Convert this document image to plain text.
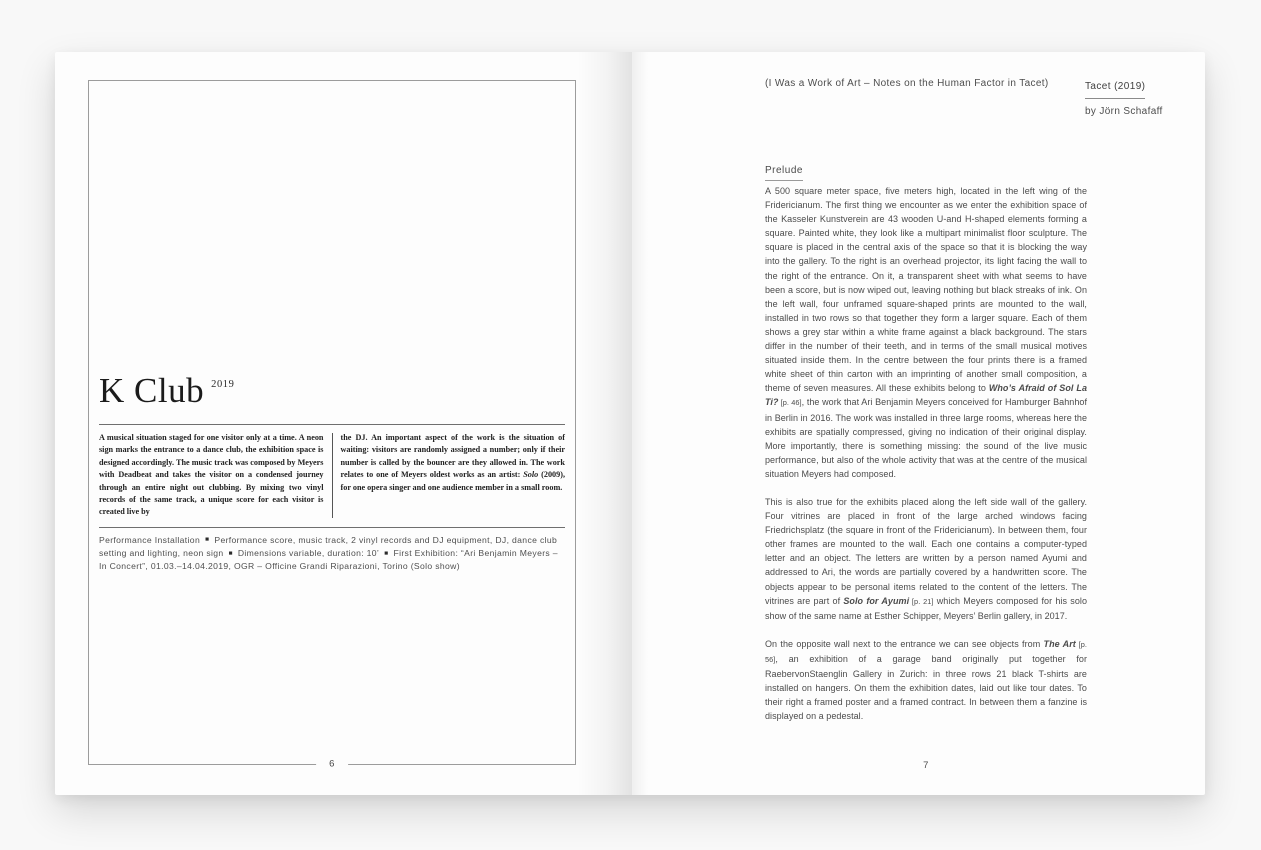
K Club $^{2019}$
A musical situation staged for one visitor only at a time. A neon sign marks the entrance to a dance club, the exhibition space is designed accordingly. The music track was composed by Meyers with Deadbeat and takes the visitor on a condensed journey through an entire night out clubbing. By mixing two vinyl records of the same track, a unique score for each visitor is created live by
the DJ. An important aspect of the work is the situation of waiting: visitors are randomly assigned a number; only if their number is called by the bouncer are they allowed in. The work relates to one of Meyers oldest works as an artist: Solo (2009), for one opera singer and one audience member in a small room.
Performance Installation ■ Performance score, music track, 2 vinyl records and DJ equipment, DJ, dance club setting and lighting, neon sign ■ Dimensions variable, duration: 10’ ■ First Exhibition: “Ari Benjamin Meyers – In Concert”, 01.03.–14.04.2019, OGR – Officine Grandi Riparazioni, Torino (Solo show)
6
(I Was a Work of Art – Notes on the Human Factor in Tacet)	Tacet (2019)
by Jörn Schafaff
Prelude

A 500 square meter space, five meters high, located in the left wing of the Fridericianum. The first thing we encounter as we enter the exhibition space of the Kasseler Kunstverein are 43 wooden U-and H-shaped elements forming a square. Painted white, they look like a multipart minimalist floor sculpture. The square is placed in the central axis of the space so that it is blocking the way into the gallery. To the right is an overhead projector, its light facing the wall to the right of the entrance. On it, a transparent sheet with what seems to have been a score, but is now wiped out, leaving nothing but black streaks of ink. On the left wall, four unframed square-shaped prints are mounted to the wall, installed in two rows so that together they form a larger square. Each of them shows a grey star within a white frame against a black background. The stars differ in the number of their teeth, and in terms of the small musical motives situated inside them. In the centre between the four prints there is a framed white sheet of thin carton with an imprinting of another small composition, a theme of seven measures. All these exhibits belong to Who’s Afraid of Sol La Ti? [p. 46], the work that Ari Benjamin Meyers conceived for Hamburger Bahnhof in Berlin in 2016. The work was installed in three large rooms, whereas here the exhibits are spatially compressed, giving no indication of their original display. More importantly, there is something missing: the sound of the live music performance, but also of the whole activity that was at the centre of the musical situation Meyers had composed.

This is also true for the exhibits placed along the left side wall of the gallery. Four vitrines are placed in front of the large arched windows facing Friedrichsplatz (the square in front of the Fridericianum). In between them, four other frames are mounted to the wall. Each one contains a computer-typed letter and an object. The letters are written by a person named Ayumi and addressed to Ari, the words are partially covered by a handwritten score. The objects appear to be personal items related to the content of the letters. The vitrines are part of Solo for Ayumi [p. 21] which Meyers composed for his solo show of the same name at Esther Schipper, Meyers’ Berlin gallery, in 2017.

On the opposite wall next to the entrance we can see objects from The Art [p. 56], an exhibition of a garage band originally put together for RaebervonStaenglin Gallery in Zurich: in three rows 21 black T-shirts are installed on hangers. On them the exhibition dates, laid out like tour dates. To their right a framed poster and a framed contract. In between them a fanzine is displayed on a pedestal.

7
